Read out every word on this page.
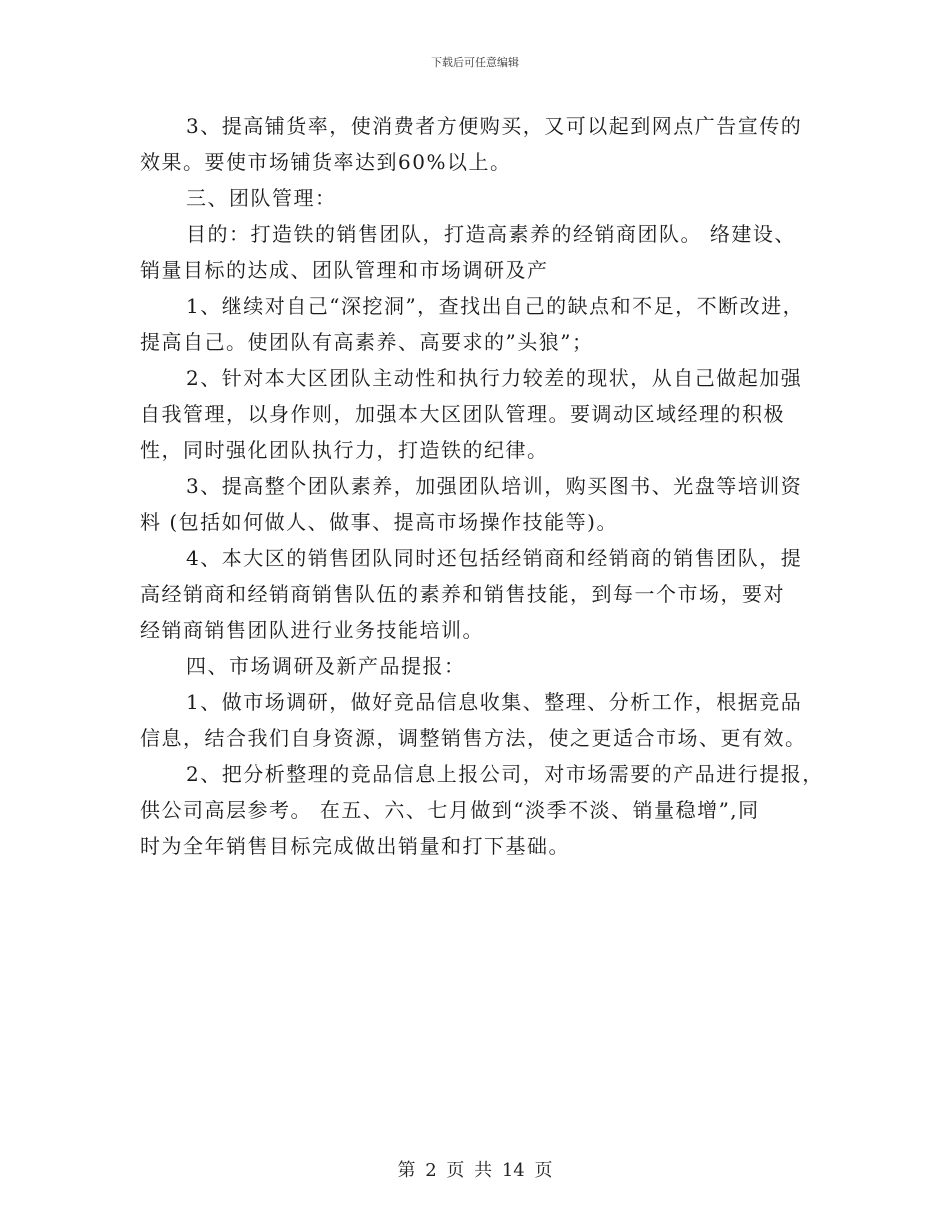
下载后可任意编辑
3、提高铺货率，使消费者方便购买，又可以起到网点广告宣传的
效果。要使市场铺货率达到60%以上。
三、团队管理：
目的：打造铁的销售团队，打造高素养的经销商团队。 络建设、
销量目标的达成、团队管理和市场调研及产
1、继续对自己“深挖洞”，查找出自己的缺点和不足，不断改进，
提高自己。使团队有高素养、高要求的”头狼”；
2、针对本大区团队主动性和执行力较差的现状，从自己做起加强
自我管理，以身作则，加强本大区团队管理。要调动区域经理的积极
性，同时强化团队执行力，打造铁的纪律。
3、提高整个团队素养，加强团队培训，购买图书、光盘等培训资
料 (包括如何做人、做事、提高市场操作技能等)。
4、本大区的销售团队同时还包括经销商和经销商的销售团队，提
高经销商和经销商销售队伍的素养和销售技能，到每一个市场，要对
经销商销售团队进行业务技能培训。
四、市场调研及新产品提报：
1、做市场调研，做好竞品信息收集、整理、分析工作，根据竞品
信息，结合我们自身资源，调整销售方法，使之更适合市场、更有效。
2、把分析整理的竞品信息上报公司，对市场需要的产品进行提报，
供公司高层参考。 在五、六、七月做到“淡季不淡、销量稳增”,同
时为全年销售目标完成做出销量和打下基础。
第 2 页 共 14 页
